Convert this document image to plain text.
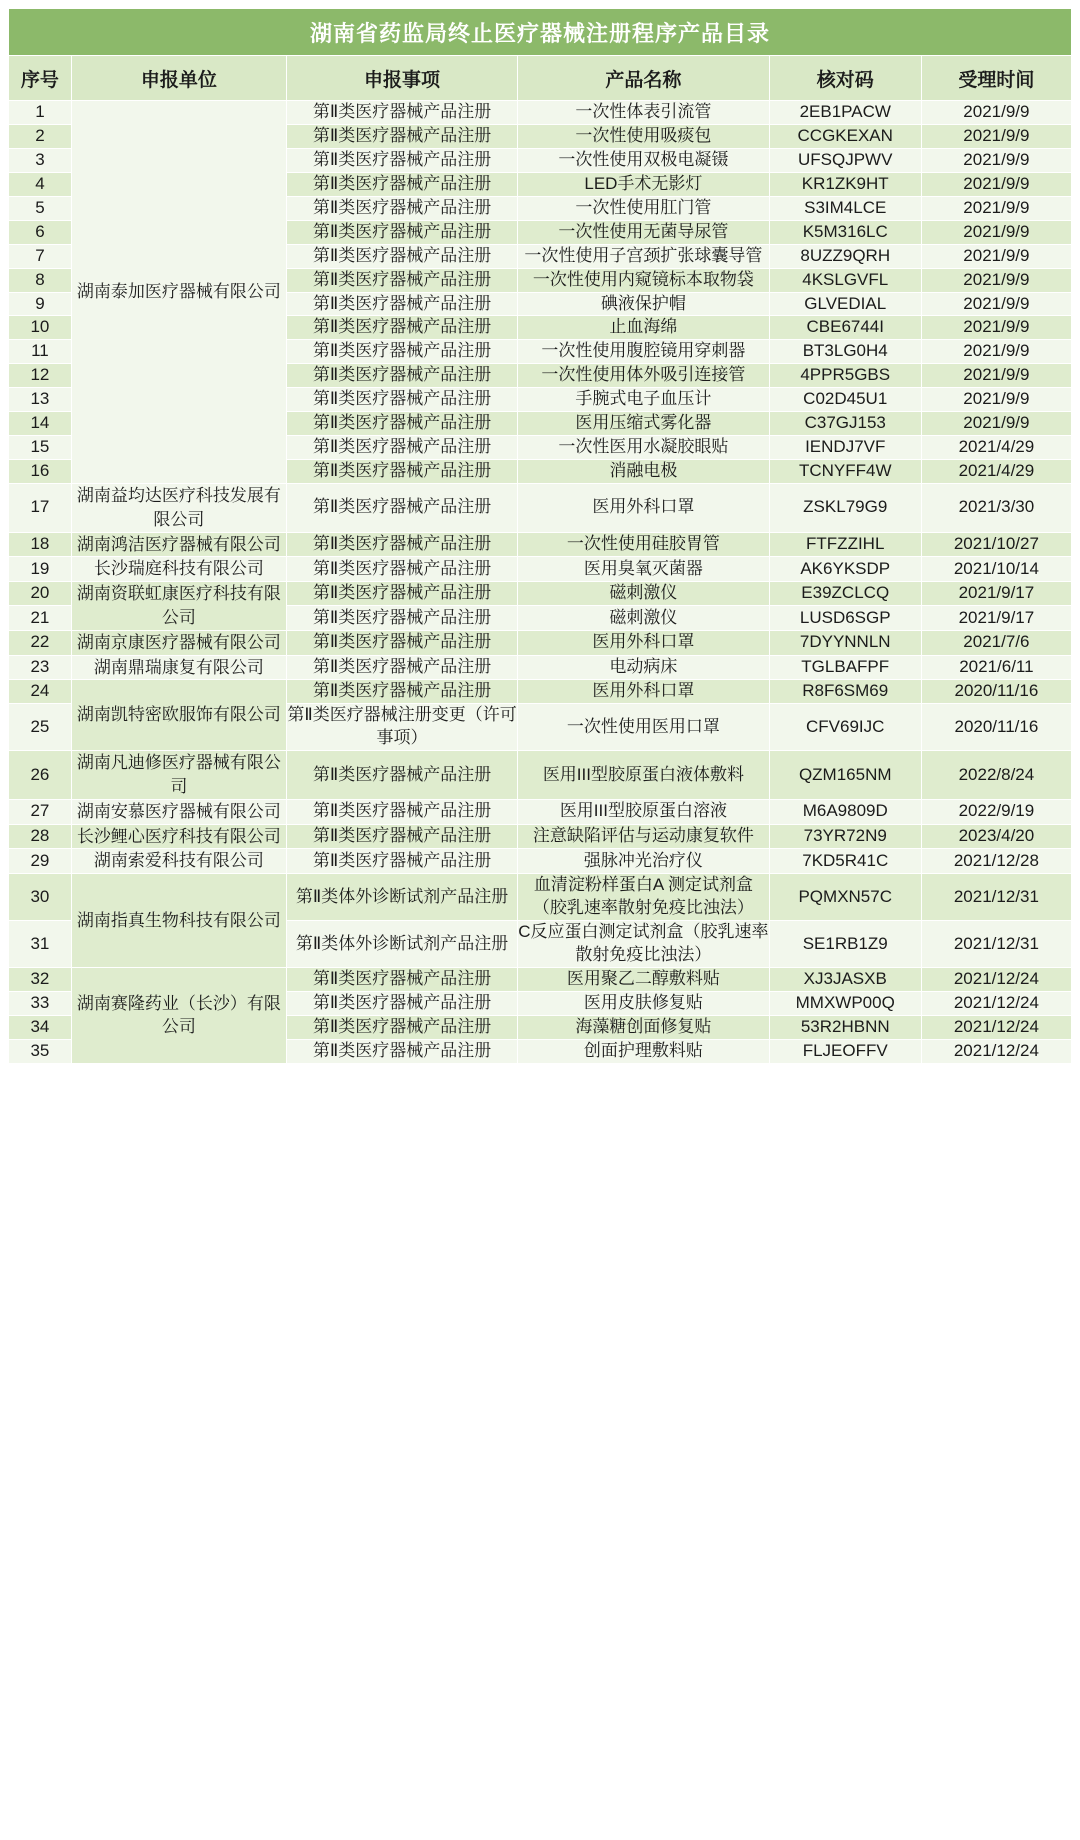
湖南省药监局终止医疗器械注册程序产品目录					
序号	申报单位	申报事项	产品名称	核对码	受理时间
1	湖南泰加医疗器械有限公司	第Ⅱ类医疗器械产品注册	一次性体表引流管	2EB1PACW	2021/9/9
2		第Ⅱ类医疗器械产品注册	一次性使用吸痰包	CCGKEXAN	2021/9/9
3		第Ⅱ类医疗器械产品注册	一次性使用双极电凝镊	UFSQJPWV	2021/9/9
4		第Ⅱ类医疗器械产品注册	LED手术无影灯	KR1ZK9HT	2021/9/9
5		第Ⅱ类医疗器械产品注册	一次性使用肛门管	S3IM4LCE	2021/9/9
6		第Ⅱ类医疗器械产品注册	一次性使用无菌导尿管	K5M316LC	2021/9/9
7		第Ⅱ类医疗器械产品注册	一次性使用子宫颈扩张球囊导管	8UZZ9QRH	2021/9/9
8		第Ⅱ类医疗器械产品注册	一次性使用内窥镜标本取物袋	4KSLGVFL	2021/9/9
9		第Ⅱ类医疗器械产品注册	碘液保护帽	GLVEDIAL	2021/9/9
10		第Ⅱ类医疗器械产品注册	止血海绵	CBE6744I	2021/9/9
11		第Ⅱ类医疗器械产品注册	一次性使用腹腔镜用穿刺器	BT3LG0H4	2021/9/9
12		第Ⅱ类医疗器械产品注册	一次性使用体外吸引连接管	4PPR5GBS	2021/9/9
13		第Ⅱ类医疗器械产品注册	手腕式电子血压计	C02D45U1	2021/9/9
14		第Ⅱ类医疗器械产品注册	医用压缩式雾化器	C37GJ153	2021/9/9
15		第Ⅱ类医疗器械产品注册	一次性医用水凝胶眼贴	IENDJ7VF	2021/4/29
16		第Ⅱ类医疗器械产品注册	消融电极	TCNYFF4W	2021/4/29
17	湖南益均达医疗科技发展有限公司	第Ⅱ类医疗器械产品注册	医用外科口罩	ZSKL79G9	2021/3/30
18	湖南鸿洁医疗器械有限公司	第Ⅱ类医疗器械产品注册	一次性使用硅胶胃管	FTFZZIHL	2021/10/27
19	长沙瑞庭科技有限公司	第Ⅱ类医疗器械产品注册	医用臭氧灭菌器	AK6YKSDP	2021/10/14
20	湖南资联虹康医疗科技有限公司	第Ⅱ类医疗器械产品注册	磁刺激仪	E39ZCLCQ	2021/9/17
21		第Ⅱ类医疗器械产品注册	磁刺激仪	LUSD6SGP	2021/9/17
22	湖南京康医疗器械有限公司	第Ⅱ类医疗器械产品注册	医用外科口罩	7DYYNNLN	2021/7/6
23	湖南鼎瑞康复有限公司	第Ⅱ类医疗器械产品注册	电动病床	TGLBAFPF	2021/6/11
24	湖南凯特密欧服饰有限公司	第Ⅱ类医疗器械产品注册	医用外科口罩	R8F6SM69	2020/11/16
25		第Ⅱ类医疗器械注册变更（许可事项）	一次性使用医用口罩	CFV69IJC	2020/11/16
26	湖南凡迪修医疗器械有限公司	第Ⅱ类医疗器械产品注册	医用III型胶原蛋白液体敷料	QZM165NM	2022/8/24
27	湖南安慕医疗器械有限公司	第Ⅱ类医疗器械产品注册	医用III型胶原蛋白溶液	M6A9809D	2022/9/19
28	长沙鲤心医疗科技有限公司	第Ⅱ类医疗器械产品注册	注意缺陷评估与运动康复软件	73YR72N9	2023/4/20
29	湖南索爱科技有限公司	第Ⅱ类医疗器械产品注册	强脉冲光治疗仪	7KD5R41C	2021/12/28
30	湖南指真生物科技有限公司	第Ⅱ类体外诊断试剂产品注册	血清淀粉样蛋白A 测定试剂盒（胶乳速率散射免疫比浊法）	PQMXN57C	2021/12/31
31		第Ⅱ类体外诊断试剂产品注册	C反应蛋白测定试剂盒（胶乳速率散射免疫比浊法）	SE1RB1Z9	2021/12/31
32	湖南赛隆药业（长沙）有限公司	第Ⅱ类医疗器械产品注册	医用聚乙二醇敷料贴	XJ3JASXB	2021/12/24
33		第Ⅱ类医疗器械产品注册	医用皮肤修复贴	MMXWP00Q	2021/12/24
34		第Ⅱ类医疗器械产品注册	海藻糖创面修复贴	53R2HBNN	2021/12/24
35		第Ⅱ类医疗器械产品注册	创面护理敷料贴	FLJEOFFV	2021/12/24
